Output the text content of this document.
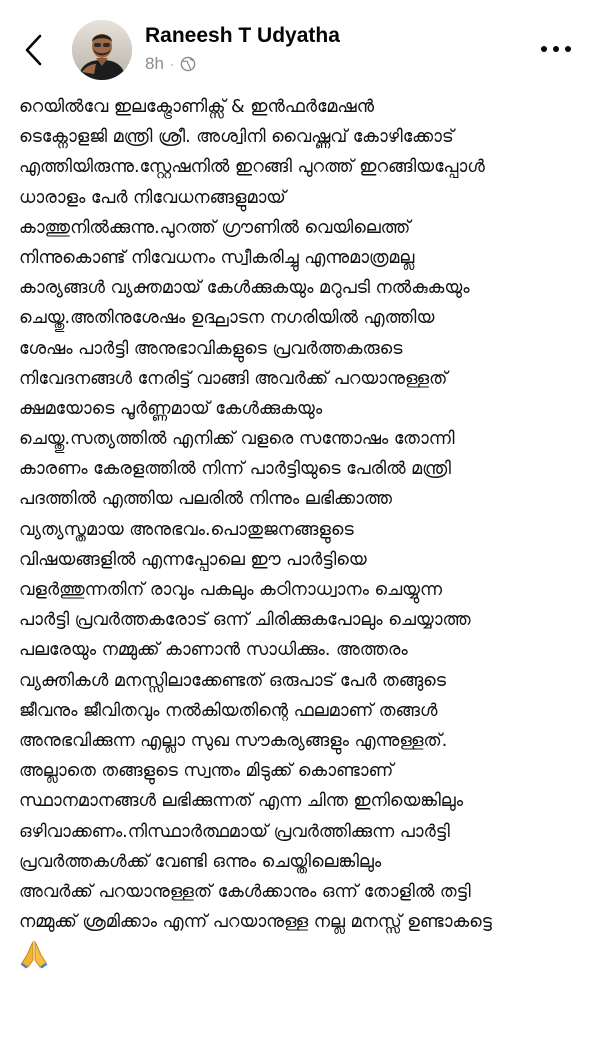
Raneesh T Udyatha
8h ·
റെയിൽവേ ഇലക്ട്രോണിക്സ് & ഇൻഫർമേഷൻ
ടെക്നോളജി മന്ത്രി ശ്രീ. അശ്വിനി വൈഷ്ണവ് കോഴിക്കോട്
എത്തിയിരുന്നു.സ്റ്റേഷനിൽ ഇറങ്ങി പുറത്ത് ഇറങ്ങിയപ്പോൾ
ധാരാളം പേർ നിവേധനങ്ങളുമായ്
കാത്തുനിൽക്കുന്നു.പുറത്ത് ഗ്രൗണിൽ വെയിലെത്ത്
നിന്നുകൊണ്ട് നിവേധനം സ്വീകരിച്ചു എന്നുമാത്രമല്ല
കാര്യങ്ങൾ വ്യക്തമായ് കേൾക്കുകയും മറുപടി നൽകുകയും
ചെയ്തു.അതിനുശേഷം ഉദ്ഘാടന നഗരിയിൽ എത്തിയ
ശേഷം പാർട്ടി അനുഭാവികളുടെ പ്രവർത്തകരുടെ
നിവേദനങ്ങൾ നേരിട്ട് വാങ്ങി അവർക്ക് പറയാനുള്ളത്
ക്ഷമയോടെ പൂർണ്ണമായ് കേൾക്കുകയും
ചെയ്തു.സത്യത്തിൽ എനിക്ക് വളരെ സന്തോഷം തോന്നി
കാരണം കേരളത്തിൽ നിന്ന് പാർട്ടിയുടെ പേരിൽ മന്ത്രി
പദത്തിൽ എത്തിയ പലരിൽ നിന്നും ലഭിക്കാത്ത
വ്യത്യസ്തമായ അനുഭവം.പൊതുജനങ്ങളുടെ
വിഷയങ്ങളിൽ എന്നപ്പോലെ ഈ പാർട്ടിയെ
വളർത്തുന്നതിന് രാവും പകലും കഠിനാധ്വാനം ചെയ്യുന്ന
പാർട്ടി പ്രവർത്തകരോട് ഒന്ന് ചിരിക്കുകപോലും ചെയ്യാത്ത
പലരേയും നമ്മുക്ക് കാണാൻ സാധിക്കും. അത്തരം
വ്യക്തികൾ മനസ്സിലാക്കേണ്ടത് ഒരുപാട് പേർ തങ്ങുടെ
ജീവനും ജീവിതവും നൽകിയതിന്റെ ഫലമാണ് തങ്ങൾ
അനുഭവിക്കുന്ന എല്ലാ സുഖ സൗകര്യങ്ങളും എന്നുള്ളത്.
അല്ലാതെ തങ്ങളുടെ സ്വന്തം മിടുക്ക് കൊണ്ടാണ്
സ്ഥാനമാനങ്ങൾ ലഭിക്കുന്നത് എന്ന ചിന്ത ഇനിയെങ്കിലും
ഒഴിവാക്കണം.നിസ്ഥാർത്ഥമായ് പ്രവർത്തിക്കുന്ന പാർട്ടി
പ്രവർത്തകൾക്ക് വേണ്ടി ഒന്നും ചെയ്തിലെങ്കിലും
അവർക്ക് പറയാനുള്ളത് കേൾക്കാനും ഒന്ന് തോളിൽ തട്ടി
നമ്മുക്ക് ശ്രമിക്കാം എന്ന് പറയാനുള്ള നല്ല മനസ്സ് ഉണ്ടാകട്ടെ
